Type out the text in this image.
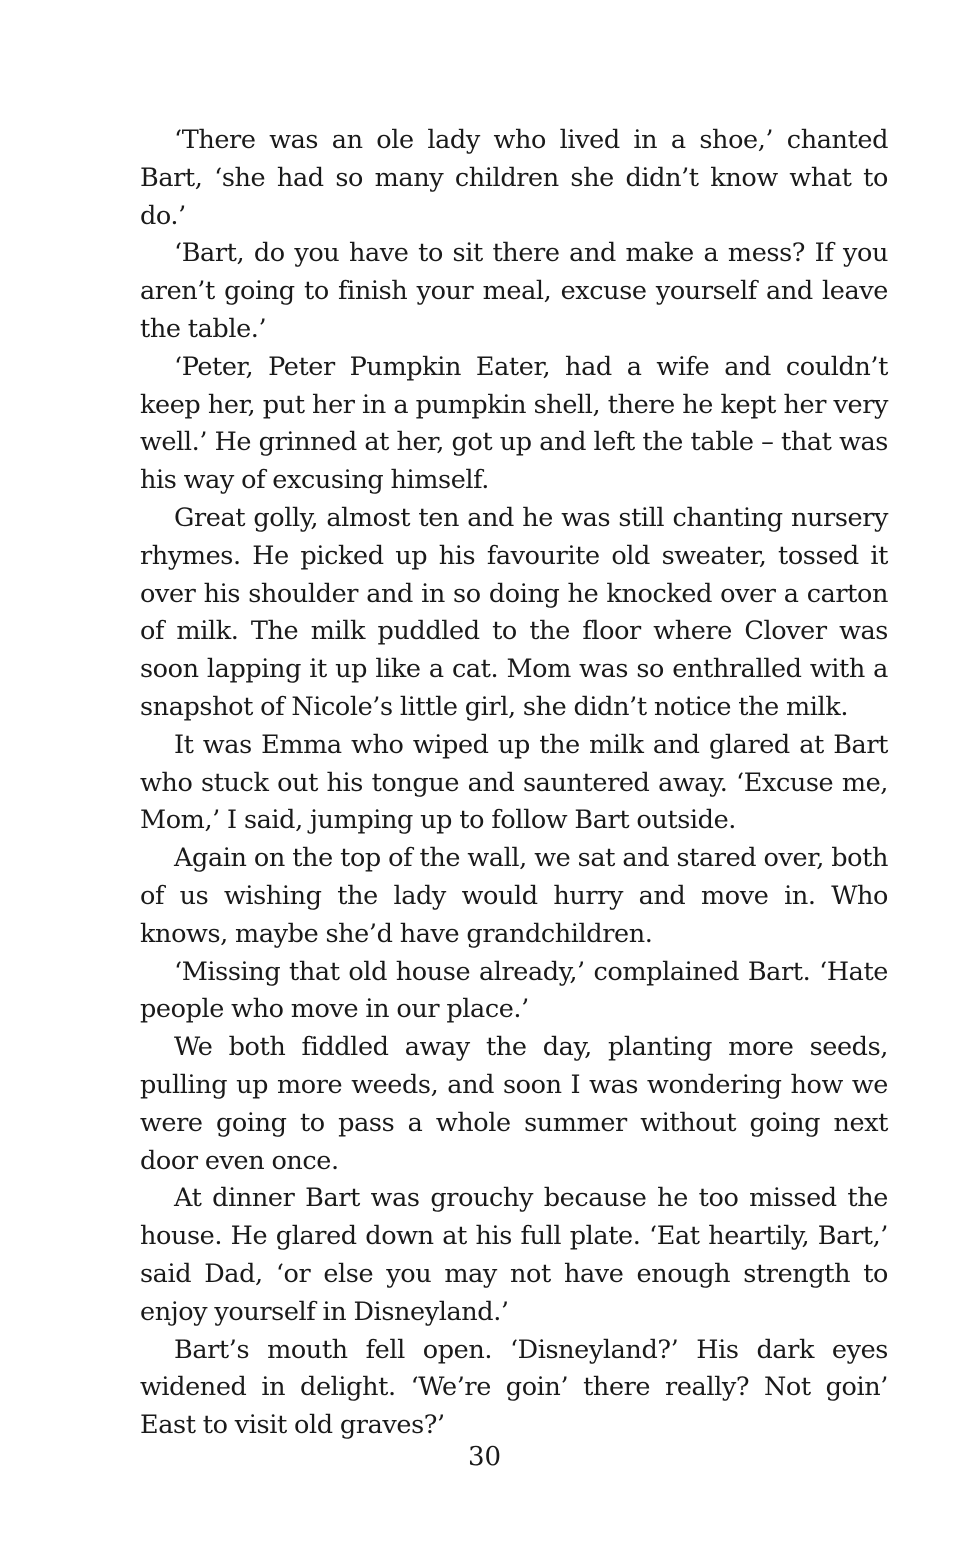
‘There was an ole lady who lived in a shoe,’ chanted Bart, ‘she had so many children she didn’t know what to do.’

‘Bart, do you have to sit there and make a mess? If you aren’t going to finish your meal, excuse yourself and leave the table.’

‘Peter, Peter Pumpkin Eater, had a wife and couldn’t keep her, put her in a pumpkin shell, there he kept her very well.’ He grinned at her, got up and left the table – that was his way of excusing himself.

Great golly, almost ten and he was still chanting nursery rhymes. He picked up his favourite old sweater, tossed it over his shoulder and in so doing he knocked over a carton of milk. The milk puddled to the floor where Clover was soon lapping it up like a cat. Mom was so enthralled with a snapshot of Nicole’s little girl, she didn’t notice the milk.

It was Emma who wiped up the milk and glared at Bart who stuck out his tongue and sauntered away. ‘Excuse me, Mom,’ I said, jumping up to follow Bart outside.

Again on the top of the wall, we sat and stared over, both of us wishing the lady would hurry and move in. Who knows, maybe she’d have grandchildren.

‘Missing that old house already,’ complained Bart. ‘Hate people who move in our place.’

We both fiddled away the day, planting more seeds, pulling up more weeds, and soon I was wondering how we were going to pass a whole summer without going next door even once.

At dinner Bart was grouchy because he too missed the house. He glared down at his full plate. ‘Eat heartily, Bart,’ said Dad, ‘or else you may not have enough strength to enjoy yourself in Disneyland.’

Bart’s mouth fell open. ‘Disneyland?’ His dark eyes widened in delight. ‘We’re goin’ there really? Not goin’ East to visit old graves?’

30
